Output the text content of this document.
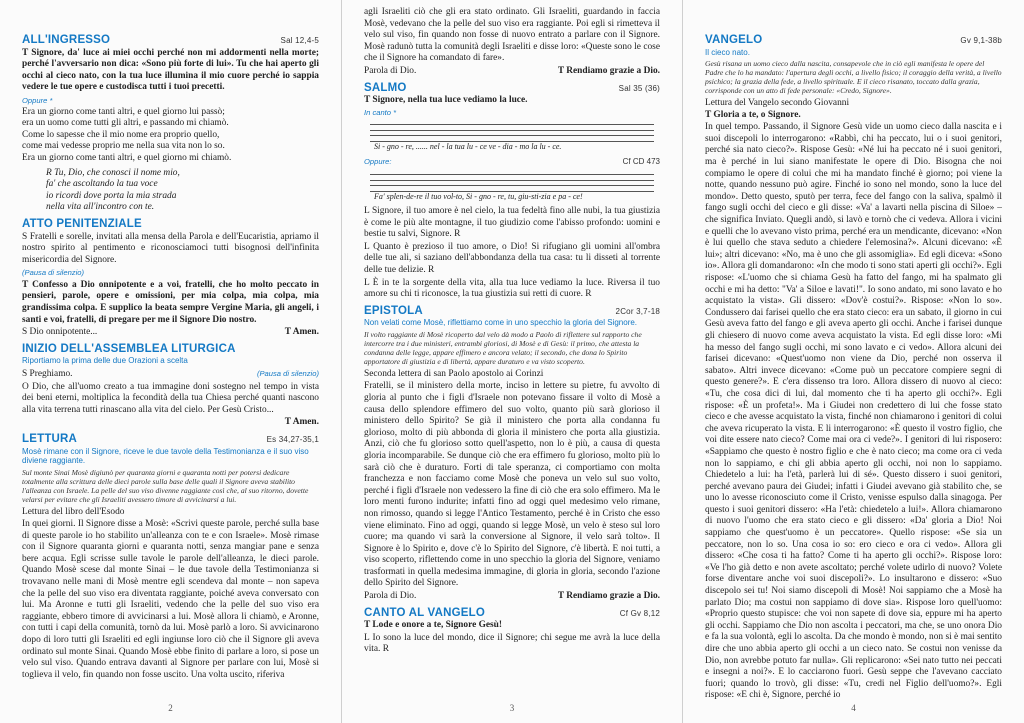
ALL'INGRESSO	Sal 12,4-5
T Signore, da' luce ai miei occhi perché non mi addormenti nella morte; perché l'avversario non dica: «Sono più forte di lui». Tu che hai aperto gli occhi al cieco nato, con la tua luce illumina il mio cuore perché io sappia vedere le tue opere e custodisca tutti i tuoi precetti.
Oppure *
Era un giorno come tanti altri, e quel giorno lui passò;
era un uomo come tutti gli altri, e passando mi chiamò.
Come lo sapesse che il mio nome era proprio quello,
come mai vedesse proprio me nella sua vita non lo so.
Era un giorno come tanti altri, e quel giorno mi chiamò.
R Tu, Dio, che conosci il nome mio,
fa' che ascoltando la tua voce
io ricordi dove porta la mia strada
nella vita all'incontro con te.
ATTO PENITENZIALE
S Fratelli e sorelle, invitati alla mensa della Parola e dell'Eucaristia, apriamo il nostro spirito al pentimento e riconosciamoci tutti bisognosi dell'infinita misericordia del Signore.
(Pausa di silenzio)
T Confesso a Dio onnipotente e a voi, fratelli, che ho molto peccato in pensieri, parole, opere e omissioni, per mia colpa, mia colpa, mia grandissima colpa. E supplico la beata sempre Vergine Maria, gli angeli, i santi e voi, fratelli, di pregare per me il Signore Dio nostro.
S Dio onnipotente...	T Amen.
INIZIO DELL'ASSEMBLEA LITURGICA
Riportiamo la prima delle due Orazioni a scelta
S Preghiamo.	(Pausa di silenzio)
O Dio, che all'uomo creato a tua immagine doni sostegno nel tempo in vista dei beni eterni, moltiplica la fecondità della tua Chiesa perché quanti nascono alla vita terrena tutti rinascano alla vita del cielo. Per Gesù Cristo...
T Amen.
LETTURA	Es 34,27-35,1
Mosè rimane con il Signore, riceve le due tavole della Testimonianza e il suo viso diviene raggiante.
Sul monte Sinai Mosè digiunò per quaranta giorni e quaranta notti per potersi dedicare totalmente alla scrittura delle dieci parole sulla base delle quali il Signore aveva stabilito l'alleanza con Israele. La pelle del suo viso divenne raggiante così che, al suo ritorno, dovette velarsi per evitare che gli Israeliti avessero timore di avvicinarsi a lui.
Lettura del libro dell'Esodo
In quei giorni. Il Signore disse a Mosè: «Scrivi queste parole, perché sulla base di queste parole io ho stabilito un'alleanza con te e con Israele». Mosè rimase con il Signore quaranta giorni e quaranta notti, senza mangiar pane e senza bere acqua. Egli scrisse sulle tavole le parole dell'alleanza, le dieci parole. Quando Mosè scese dal monte Sinai – le due tavole della Testimonianza si trovavano nelle mani di Mosè mentre egli scendeva dal monte – non sapeva che la pelle del suo viso era diventata raggiante, poiché aveva conversato con lui. Ma Aronne e tutti gli Israeliti, vedendo che la pelle del suo viso era raggiante, ebbero timore di avvicinarsi a lui. Mosè allora li chiamò, e Aronne, con tutti i capi della comunità, tornò da lui. Mosè parlò a loro. Si avvicinarono dopo di loro tutti gli Israeliti ed egli ingiunse loro ciò che il Signore gli aveva ordinato sul monte Sinai. Quando Mosè ebbe finito di parlare a loro, si pose un velo sul viso. Quando entrava davanti al Signore per parlare con lui, Mosè si toglieva il velo, fin quando non fosse uscito. Una volta uscito, riferiva
2
agli Israeliti ciò che gli era stato ordinato. Gli Israeliti, guardando in faccia Mosè, vedevano che la pelle del suo viso era raggiante. Poi egli si rimetteva il velo sul viso, fin quando non fosse di nuovo entrato a parlare con il Signore. Mosè radunò tutta la comunità degli Israeliti e disse loro: «Queste sono le cose che il Signore ha comandato di fare».
Parola di Dio.	T Rendiamo grazie a Dio.
SALMO	Sal 35 (36)
T Signore, nella tua luce vediamo la luce.
In canto *
Si - gno - re, ...... nel - la tua lu - ce ve - dia - mo la lu - ce.
Oppure:	Cf CD 473
Fa' splen-de-re il tuo vol-to, Si - gno - re, tu, giu-sti-zia e pa - ce!
L Signore, il tuo amore è nel cielo, la tua fedeltà fino alle nubi, la tua giustizia è come le più alte montagne, il tuo giudizio come l'abisso profondo: uomini e bestie tu salvi, Signore. R
L Quanto è prezioso il tuo amore, o Dio! Si rifugiano gli uomini all'ombra delle tue ali, si saziano dell'abbondanza della tua casa: tu li disseti al torrente delle tue delizie. R
L È in te la sorgente della vita, alla tua luce vediamo la luce. Riversa il tuo amore su chi ti riconosce, la tua giustizia sui retti di cuore. R
EPISTOLA	2Cor 3,7-18
Non velati come Mosè, riflettiamo come in uno specchio la gloria del Signore.
Il volto raggiante di Mosè ricoperto dal velo dà modo a Paolo di riflettere sul rapporto che intercorre tra i due ministeri, entrambi gloriosi, di Mosè e di Gesù: il primo, che attesta la condanna delle legge, appare effimero e ancora velato; il secondo, che dona lo Spirito apportatore di giustizia e di libertà, appare duraturo e va visto scoperto.
Seconda lettera di san Paolo apostolo ai Corinzi
Fratelli, se il ministero della morte, inciso in lettere su pietre, fu avvolto di gloria al punto che i figli d'Israele non potevano fissare il volto di Mosè a causa dello splendore effimero del suo volto, quanto più sarà glorioso il ministero dello Spirito? Se già il ministero che porta alla condanna fu glorioso, molto di più abbonda di gloria il ministero che porta alla giustizia. Anzi, ciò che fu glorioso sotto quell'aspetto, non lo è più, a causa di questa gloria incomparabile. Se dunque ciò che era effimero fu glorioso, molto più lo sarà ciò che è duraturo. Forti di tale speranza, ci comportiamo con molta franchezza e non facciamo come Mosè che poneva un velo sul suo volto, perché i figli d'Israele non vedessero la fine di ciò che era solo effimero. Ma le loro menti furono indurite; infatti fino ad oggi quel medesimo velo rimane, non rimosso, quando si legge l'Antico Testamento, perché è in Cristo che esso viene eliminato. Fino ad oggi, quando si legge Mosè, un velo è steso sul loro cuore; ma quando vi sarà la conversione al Signore, il velo sarà tolto». Il Signore è lo Spirito e, dove c'è lo Spirito del Signore, c'è libertà. E noi tutti, a viso scoperto, riflettendo come in uno specchio la gloria del Signore, veniamo trasformati in quella medesima immagine, di gloria in gloria, secondo l'azione dello Spirito del Signore.
Parola di Dio.	T Rendiamo grazie a Dio.
CANTO AL VANGELO	Cf Gv 8,12
T Lode e onore a te, Signore Gesù!
L Io sono la luce del mondo, dice il Signore; chi segue me avrà la luce della vita. R
3
VANGELO	Gv 9,1-38b
Il cieco nato.
Gesù risana un uomo cieco dalla nascita, consapevole che in ciò egli manifesta le opere del Padre che lo ha mandato: l'apertura degli occhi, a livello fisico; il coraggio della verità, a livello psichico; la grazia della fede, a livello spirituale. E il cieco risanato, toccato dalla grazia, corrisponde con un atto di fede personale: «Credo, Signore».
Lettura del Vangelo secondo Giovanni
T Gloria a te, o Signore.
In quel tempo. Passando, il Signore Gesù vide un uomo cieco dalla nascita e i suoi discepoli lo interrogarono: «Rabbì, chi ha peccato, lui o i suoi genitori, perché sia nato cieco?». Rispose Gesù: «Né lui ha peccato né i suoi genitori, ma è perché in lui siano manifestate le opere di Dio. Bisogna che noi compiamo le opere di colui che mi ha mandato finché è giorno; poi viene la notte, quando nessuno può agire. Finché io sono nel mondo, sono la luce del mondo». Detto questo, sputò per terra, fece del fango con la saliva, spalmò il fango sugli occhi del cieco e gli disse: «Va' a lavarti nella piscina di Siloe» – che significa Inviato. Quegli andò, si lavò e tornò che ci vedeva. Allora i vicini e quelli che lo avevano visto prima, perché era un mendicante, dicevano: «Non è lui quello che stava seduto a chiedere l'elemosina?». Alcuni dicevano: «È lui»; altri dicevano: «No, ma è uno che gli assomiglia». Ed egli diceva: «Sono io». Allora gli domandarono: «In che modo ti sono stati aperti gli occhi?». Egli rispose: «L'uomo che si chiama Gesù ha fatto del fango, mi ha spalmato gli occhi e mi ha detto: "Va' a Siloe e lavati!". Io sono andato, mi sono lavato e ho acquistato la vista». Gli dissero: «Dov'è costui?». Rispose: «Non lo so». Condussero dai farisei quello che era stato cieco: era un sabato, il giorno in cui Gesù aveva fatto del fango e gli aveva aperto gli occhi. Anche i farisei dunque gli chiesero di nuovo come aveva acquistato la vista. Ed egli disse loro: «Mi ha messo del fango sugli occhi, mi sono lavato e ci vedo». Allora alcuni dei farisei dicevano: «Quest'uomo non viene da Dio, perché non osserva il sabato». Altri invece dicevano: «Come può un peccatore compiere segni di questo genere?». E c'era dissenso tra loro. Allora dissero di nuovo al cieco: «Tu, che cosa dici di lui, dal momento che ti ha aperto gli occhi?». Egli rispose: «È un profeta!». Ma i Giudei non credettero di lui che fosse stato cieco e che avesse acquistato la vista, finché non chiamarono i genitori di colui che aveva ricuperato la vista. E li interrogarono: «È questo il vostro figlio, che voi dite essere nato cieco? Come mai ora ci vede?». I genitori di lui risposero: «Sappiamo che questo è nostro figlio e che è nato cieco; ma come ora ci veda non lo sappiamo, e chi gli abbia aperto gli occhi, noi non lo sappiamo. Chiedetelo a lui: ha l'età, parlerà lui di sé». Questo dissero i suoi genitori, perché avevano paura dei Giudei; infatti i Giudei avevano già stabilito che, se uno lo avesse riconosciuto come il Cristo, venisse espulso dalla sinagoga. Per questo i suoi genitori dissero: «Ha l'età: chiedetelo a lui!». Allora chiamarono di nuovo l'uomo che era stato cieco e gli dissero: «Da' gloria a Dio! Noi sappiamo che quest'uomo è un peccatore». Quello rispose: «Se sia un peccatore, non lo so. Una cosa io so: ero cieco e ora ci vedo». Allora gli dissero: «Che cosa ti ha fatto? Come ti ha aperto gli occhi?». Rispose loro: «Ve l'ho già detto e non avete ascoltato; perché volete udirlo di nuovo? Volete forse diventare anche voi suoi discepoli?». Lo insultarono e dissero: «Suo discepolo sei tu! Noi siamo discepoli di Mosè! Noi sappiamo che a Mosè ha parlato Dio; ma costui non sappiamo di dove sia». Rispose loro quell'uomo: «Proprio questo stupisce: che voi non sapete di dove sia, eppure mi ha aperto gli occhi. Sappiamo che Dio non ascolta i peccatori, ma che, se uno onora Dio e fa la sua volontà, egli lo ascolta. Da che mondo è mondo, non si è mai sentito dire che uno abbia aperto gli occhi a un cieco nato. Se costui non venisse da Dio, non avrebbe potuto far nulla». Gli replicarono: «Sei nato tutto nei peccati e insegni a noi?». E lo cacciarono fuori. Gesù seppe che l'avevano cacciato fuori; quando lo trovò, gli disse: «Tu, credi nel Figlio dell'uomo?». Egli rispose: «E chi è, Signore, perché io
4
